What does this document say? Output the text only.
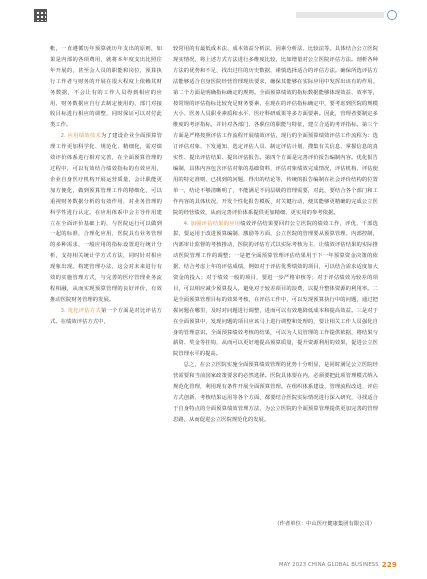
帐，一直遵循历年预算就历年支出的原则，如果是内部的各项费用，就将本年度支出比照往年开展的，甚至会人员的职能和岗位，预算执行工作者与财务的开展在很大程度上依赖其财务数据，不会让有的工作人员得到相应的应用，财务数据应自行去制定使用的，部门对接收目标进行相应的调整，同时保证可以对付此类工作。

2. 应用绩效技术为了建设企业全面预算管理工作更加科学化、规范化、精细化，需对绩效评价体系进行相对完善，在全面预算管理的过程中，可以有效结合绩效指标的有效应用，企业自身医疗机构开展运营质量，会计职能更加方便化，做到预算管理工作的精细化，可以重视财务数据分析的有效作用，对业务管理的科学性进行认定。在应用体系中会主导作用建立在全面评价基础上的，与医院运行可以做到一起的标准，合理化应用，医院具有业务管理的多种需求，一般应用的指标设置进行统计分析，支持相关统计学方式方法，同时针对相应现象出现。构建管理办法，这会对未来进行有效的实施管理方式，与完善的医疗管理业务流程相融，从而实现预算管理的良好评价，有效推动医院财务管理的发展。

3. 优化评估方式第一个方面是对比评估方式。在绩效评估方式中，

较常用的有最低成本法、成本效益分析法、因素分析法、比较法等。具体结合公立医院现实情况，将上述方式方法进行多维度比较，比如增量对公立医院评估方法。剖析各种方法的优势和不足，找出过往的历史数据，谨慎选择适合的评估方法。确保所选评估方法能够适合自身医院经营管理现状要求，确保其能够在实际应用中发挥出该有的作用。第二个方面是明确指标确定的规则。全面预算绩效的指标数据能够体现效益、效率等，按常规的评估指标比较充足财务要素，在现在的评估指标确定中，要考虑到医院的规模大小、医务人员职业素质和水平、医疗科研成果等多方面要素。因此，管理者要制定多维度的考评指标，并针对各部门、各职位的职能与特征，建立合适的考评指标。第三个方面是严格按照评估工作流程开展绩效评估，现行的全面预算绩效评估工作流程为：选订评估对象、下发通知、选定评估人员、制定评估计划、搜集有关信息、掌握信息的真实性、提出评估结果、提出评估报告。第四个方面是完善评价报告编制内容。优化报告编制，具体内容包含评估对象的基础资料，评估对象绩效完成情况，评估机构、评估使用的特定准则，已找到的问题，得出的结论等，传统的报告编制在社会评价结构的位置单一，结论不够清晰明了，不能满足不同层级的管理需要，对此，要结合各个部门和工作内容的具体状况，开发个性化报告模板，对关键行动，便其能够更精确的完成公立医院的经营绩效，从而完善评价体系提供更加精细、更实用的参考依据。

4. 加强评估结果的应用绩效评估结果要回归公立医院的绩效工作，评优、千部选拔，要运用于改进预算编制、激励等方面，公立医院的管理要从预算管理、内部控制，内部审计监督的考核推动，医院的评估方式以实际考核为主、让绩效评估结果的实际推动医院管理工作的调整；一是把全面预算管理评估结果用于下一年预算资金决策的依据，结合考虑上年的评估成绩，例如对于评估优秀绩效的项目，可以结合需求适度加大资金的投入；对于绩效一般的项目，要进一步严格审核等；对于评估绩效为较差的项目，可以相应减少预算投入，避免对于较差项目的浪费，以提升整体资源的利用率。二是全面预算管理目标的效果考核，在评估工作中，可以发现预算执行中的问题，通过把握问题在哪里，及时对问题进行调整，进而可以有效地降低成本和提高效益。三是对于在全面预算中，发现问题的项目应该马上进行调整和处理的，要让相关工作人员强化自身的管理意识。全面预算绩效考核的结果，可以为人员管理的工作提供依据，将结果与薪资、奖金等挂钩，从而可以更好地提高预算质量，提升资源利用的效果，促进公立医院管理水平的提高。

总之，在公立医院实施全面预算绩效管理的优势十分明显，是同时满足公立医院经营需要和当前国家政策要求的必然选择。医院具体要在内，必须要把此项管理模式纳入规范化管理，利用现有条件开展全面预算管理。在组织体系建设、管理流程改进、评估方式创新、考核结果运用等各个方面，都要结合医院实际情况进行深入研究，寻找适合于自身特点的全面预算绩效管理方法，为公立医院的全面预算管理提供更加完善的管理思路，从而促进公立医院规范化的发展。

（作者单位：中山医疗健康集团有限公司）
MAY 2023 CHINA GLOBAL BUSINESS 229
